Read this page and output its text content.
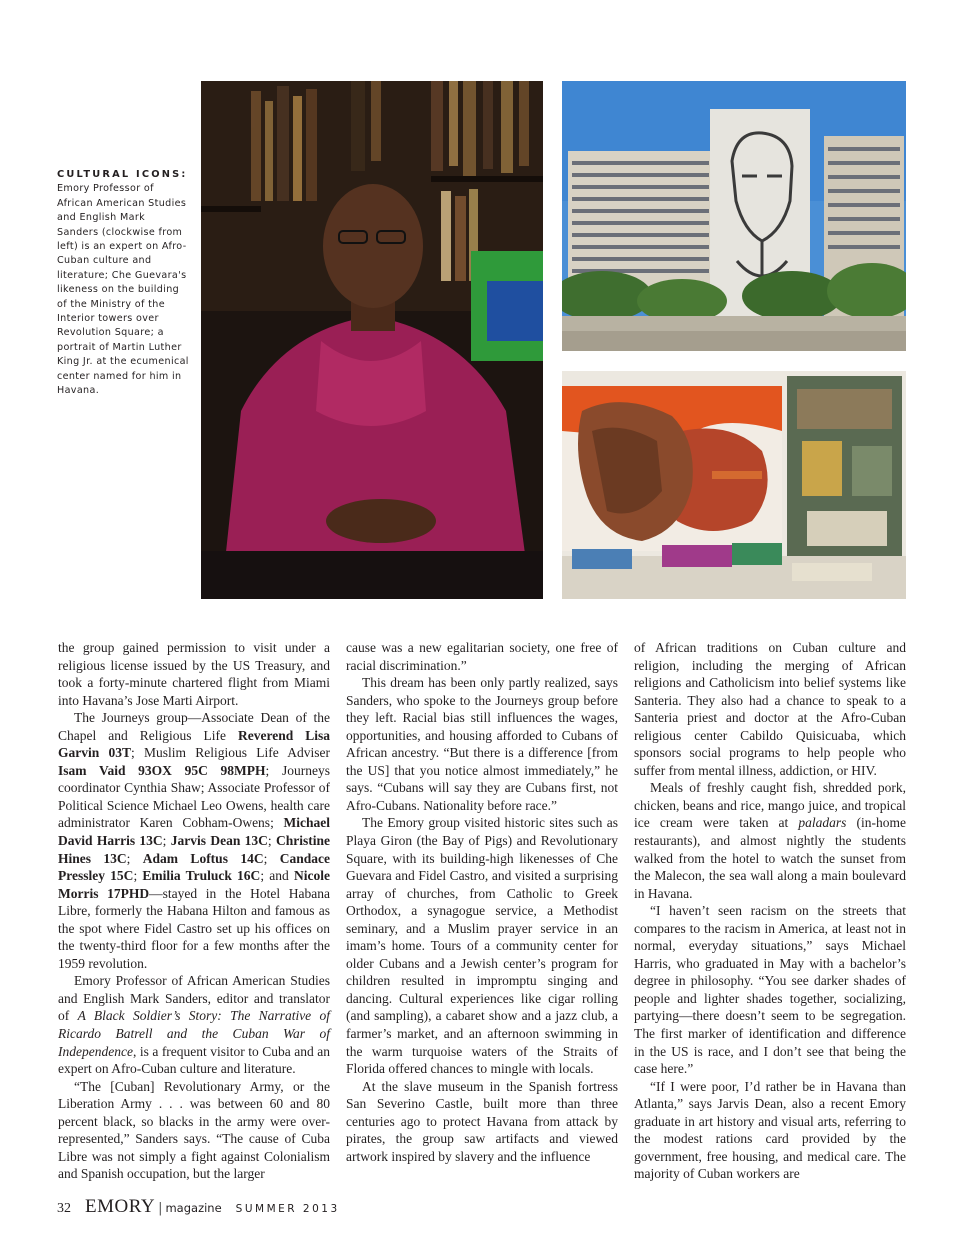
CULTURAL ICONS:
Emory Professor of African American Studies and English Mark Sanders (clockwise from left) is an expert on Afro-Cuban culture and literature; Che Guevara's likeness on the building of the Ministry of the Interior towers over Revolution Square; a portrait of Martin Luther King Jr. at the ecumenical center named for him in Havana.

the group gained permission to visit under a religious license issued by the US Treasury, and took a forty-minute chartered flight from Miami into Havana’s Jose Marti Airport.

The Journeys group—Associate Dean of the Chapel and Religious Life Reverend Lisa Garvin 03T; Muslim Religious Life Adviser Isam Vaid 93OX 95C 98MPH; Journeys coordinator Cynthia Shaw; Associate Professor of Political Science Michael Leo Owens, health care administrator Karen Cobham-Owens; Michael David Harris 13C; Jarvis Dean 13C; Christine Hines 13C; Adam Loftus 14C; Candace Pressley 15C; Emilia Truluck 16C; and Nicole Morris 17PHD—stayed in the Hotel Habana Libre, formerly the Habana Hilton and famous as the spot where Fidel Castro set up his offices on the twenty-third floor for a few months after the 1959 revolution.

Emory Professor of African American Studies and English Mark Sanders, editor and translator of A Black Soldier’s Story: The Narrative of Ricardo Batrell and the Cuban War of Independence, is a frequent visitor to Cuba and an expert on Afro-Cuban culture and literature.

“The [Cuban] Revolutionary Army, or the Liberation Army . . . was between 60 and 80 percent black, so blacks in the army were over-represented,” Sanders says. “The cause of Cuba Libre was not simply a fight against Colonialism and Spanish occupation, but the larger

cause was a new egalitarian society, one free of racial discrimination.”

This dream has been only partly realized, says Sanders, who spoke to the Journeys group before they left. Racial bias still influences the wages, opportunities, and housing afforded to Cubans of African ancestry. “But there is a difference [from the US] that you notice almost immediately,” he says. “Cubans will say they are Cubans first, not Afro-Cubans. Nationality before race.”

The Emory group visited historic sites such as Playa Giron (the Bay of Pigs) and Revolutionary Square, with its building-high likenesses of Che Guevara and Fidel Castro, and visited a surprising array of churches, from Catholic to Greek Orthodox, a synagogue service, a Methodist seminary, and a Muslim prayer service in an imam’s home. Tours of a community center for older Cubans and a Jewish center’s program for children resulted in impromptu singing and dancing. Cultural experiences like cigar rolling (and sampling), a cabaret show and a jazz club, a farmer’s market, and an afternoon swimming in the warm turquoise waters of the Straits of Florida offered chances to mingle with locals.

At the slave museum in the Spanish fortress San Severino Castle, built more than three centuries ago to protect Havana from attack by pirates, the group saw artifacts and viewed artwork inspired by slavery and the influence

of African traditions on Cuban culture and religion, including the merging of African religions and Catholicism into belief systems like Santeria. They also had a chance to speak to a Santeria priest and doctor at the Afro-Cuban religious center Cabildo Quisicuaba, which sponsors social programs to help people who suffer from mental illness, addiction, or HIV.

Meals of freshly caught fish, shredded pork, chicken, beans and rice, mango juice, and tropical ice cream were taken at paladars (in-home restaurants), and almost nightly the students walked from the hotel to watch the sunset from the Malecon, the sea wall along a main boulevard in Havana.

“I haven’t seen racism on the streets that compares to the racism in America, at least not in normal, everyday situations,” says Michael Harris, who graduated in May with a bachelor’s degree in philosophy. “You see darker shades of people and lighter shades together, socializing, partying—there doesn’t seem to be segregation. The first marker of identification and difference in the US is race, and I don’t see that being the case here.”

“If I were poor, I’d rather be in Havana than Atlanta,” says Jarvis Dean, also a recent Emory graduate in art history and visual arts, referring to the modest rations card provided by the government, free housing, and medical care. The majority of Cuban workers are

32 EMORY | magazine SUMMER 2013
